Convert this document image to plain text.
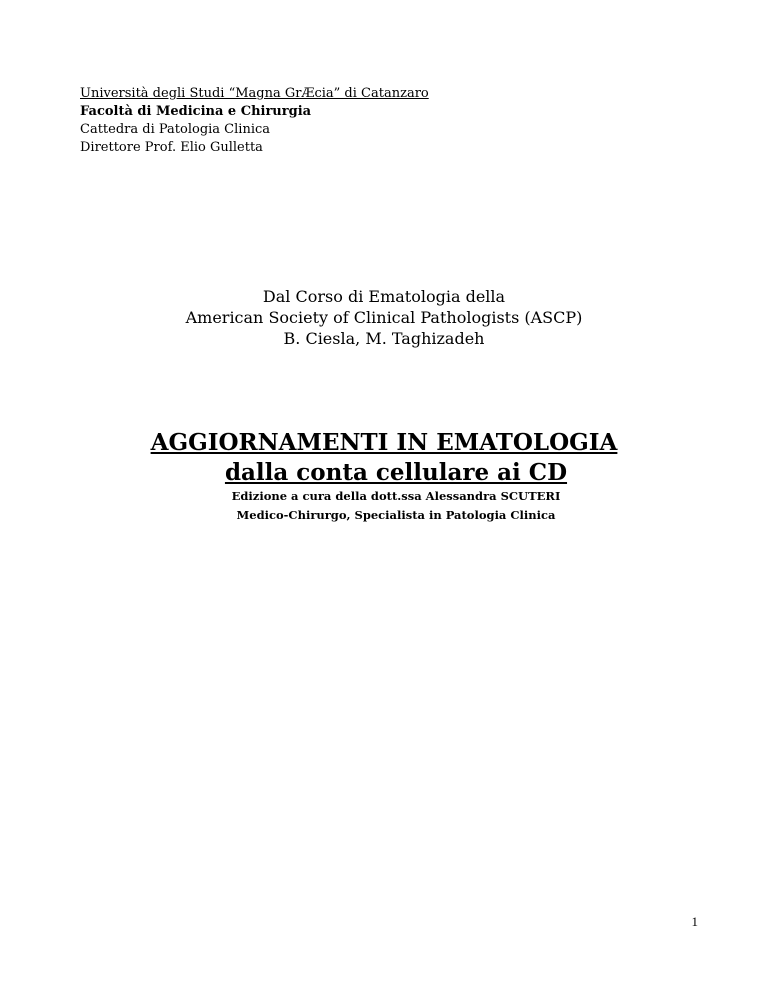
Università degli Studi “Magna GrÆcia” di Catanzaro
Facoltà di Medicina e Chirurgia
Cattedra di Patologia Clinica
Direttore Prof. Elio Gulletta
Dal Corso di Ematologia della
American Society of Clinical Pathologists (ASCP)
B. Ciesla, M. Taghizadeh
AGGIORNAMENTI IN EMATOLOGIA
dalla conta cellulare ai CD
Edizione a cura della dott.ssa Alessandra SCUTERI
Medico-Chirurgo, Specialista in Patologia Clinica
1
